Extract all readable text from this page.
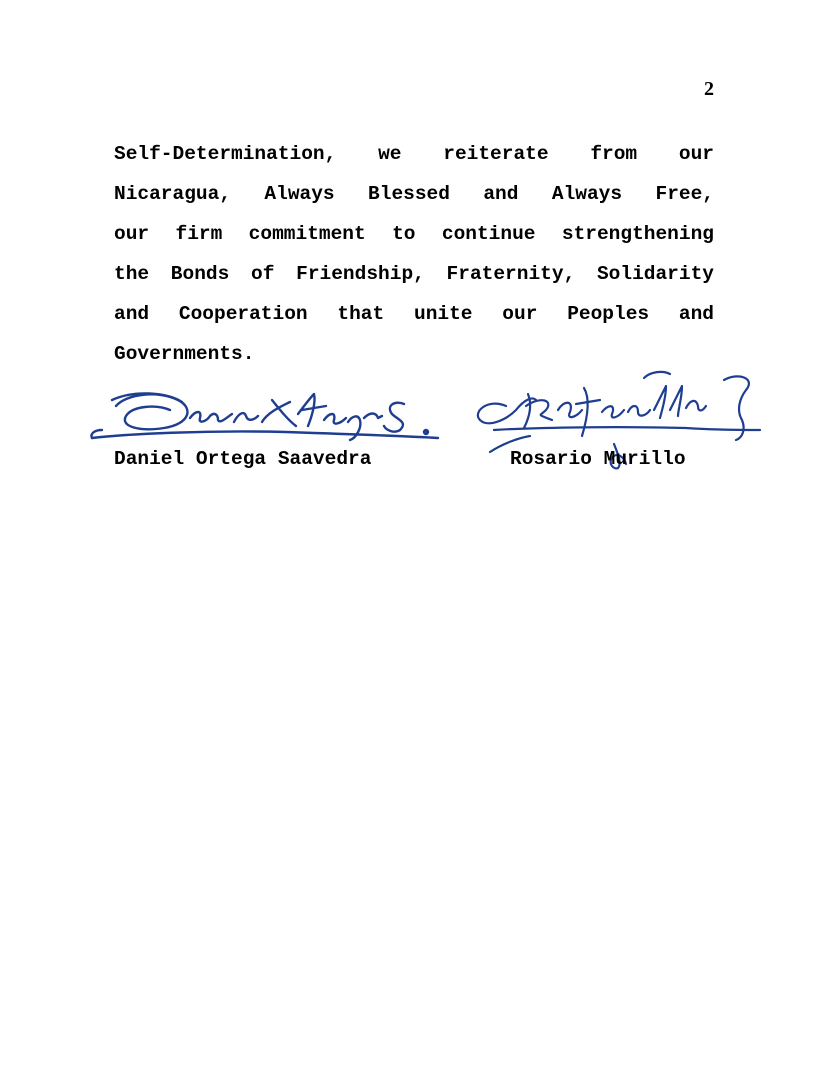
2
Self-Determination, we reiterate from our
Nicaragua, Always Blessed and Always Free,
our firm commitment to continue strengthening
the Bonds of Friendship, Fraternity, Solidarity
and Cooperation that unite our Peoples and
Governments.
Daniel Ortega Saavedra	Rosario Murillo
